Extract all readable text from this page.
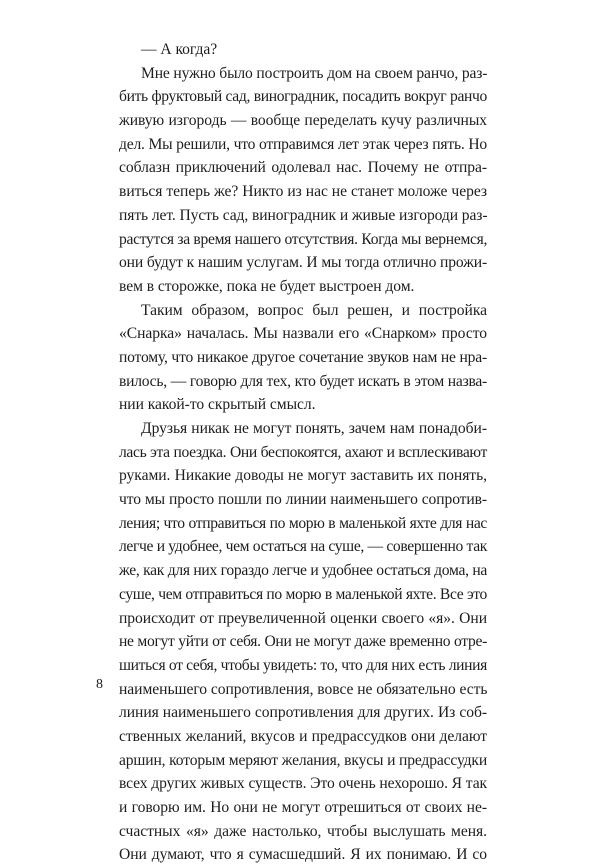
— А когда?
Мне нужно было построить дом на своем ранчо, раз-
бить фруктовый сад, виноградник, посадить вокруг ранчо
живую изгородь — вообще переделать кучу различных
дел. Мы решили, что отправимся лет этак через пять. Но
соблазн приключений одолевал нас. Почему не отпра-
виться теперь же? Никто из нас не станет моложе через
пять лет. Пусть сад, виноградник и живые изгороди раз-
растутся за время нашего отсутствия. Когда мы вернемся,
они будут к нашим услугам. И мы тогда отлично прожи-
вем в сторожке, пока не будет выстроен дом.
Таким образом, вопрос был решен, и постройка
«Снарка» началась. Мы назвали его «Снарком» просто
потому, что никакое другое сочетание звуков нам не нра-
вилось, — говорю для тех, кто будет искать в этом назва-
нии какой-то скрытый смысл.
Друзья никак не могут понять, зачем нам понадоби-
лась эта поездка. Они беспокоятся, ахают и всплескивают
руками. Никакие доводы не могут заставить их понять,
что мы просто пошли по линии наименьшего сопротив-
ления; что отправиться по морю в маленькой яхте для нас
легче и удобнее, чем остаться на суше, — совершенно так
же, как для них гораздо легче и удобнее остаться дома, на
суше, чем отправиться по морю в маленькой яхте. Все это
происходит от преувеличенной оценки своего «я». Они
не могут уйти от себя. Они не могут даже временно отре-
шиться от себя, чтобы увидеть: то, что для них есть линия
наименьшего сопротивления, вовсе не обязательно есть
линия наименьшего сопротивления для других. Из соб-
ственных желаний, вкусов и предрассудков они делают
аршин, которым меряют желания, вкусы и предрассудки
всех других живых существ. Это очень нехорошо. Я так
и говорю им. Но они не могут отрешиться от своих не-
счастных «я» даже настолько, чтобы выслушать меня.
Они думают, что я сумасшедший. Я их понимаю. И со
8
